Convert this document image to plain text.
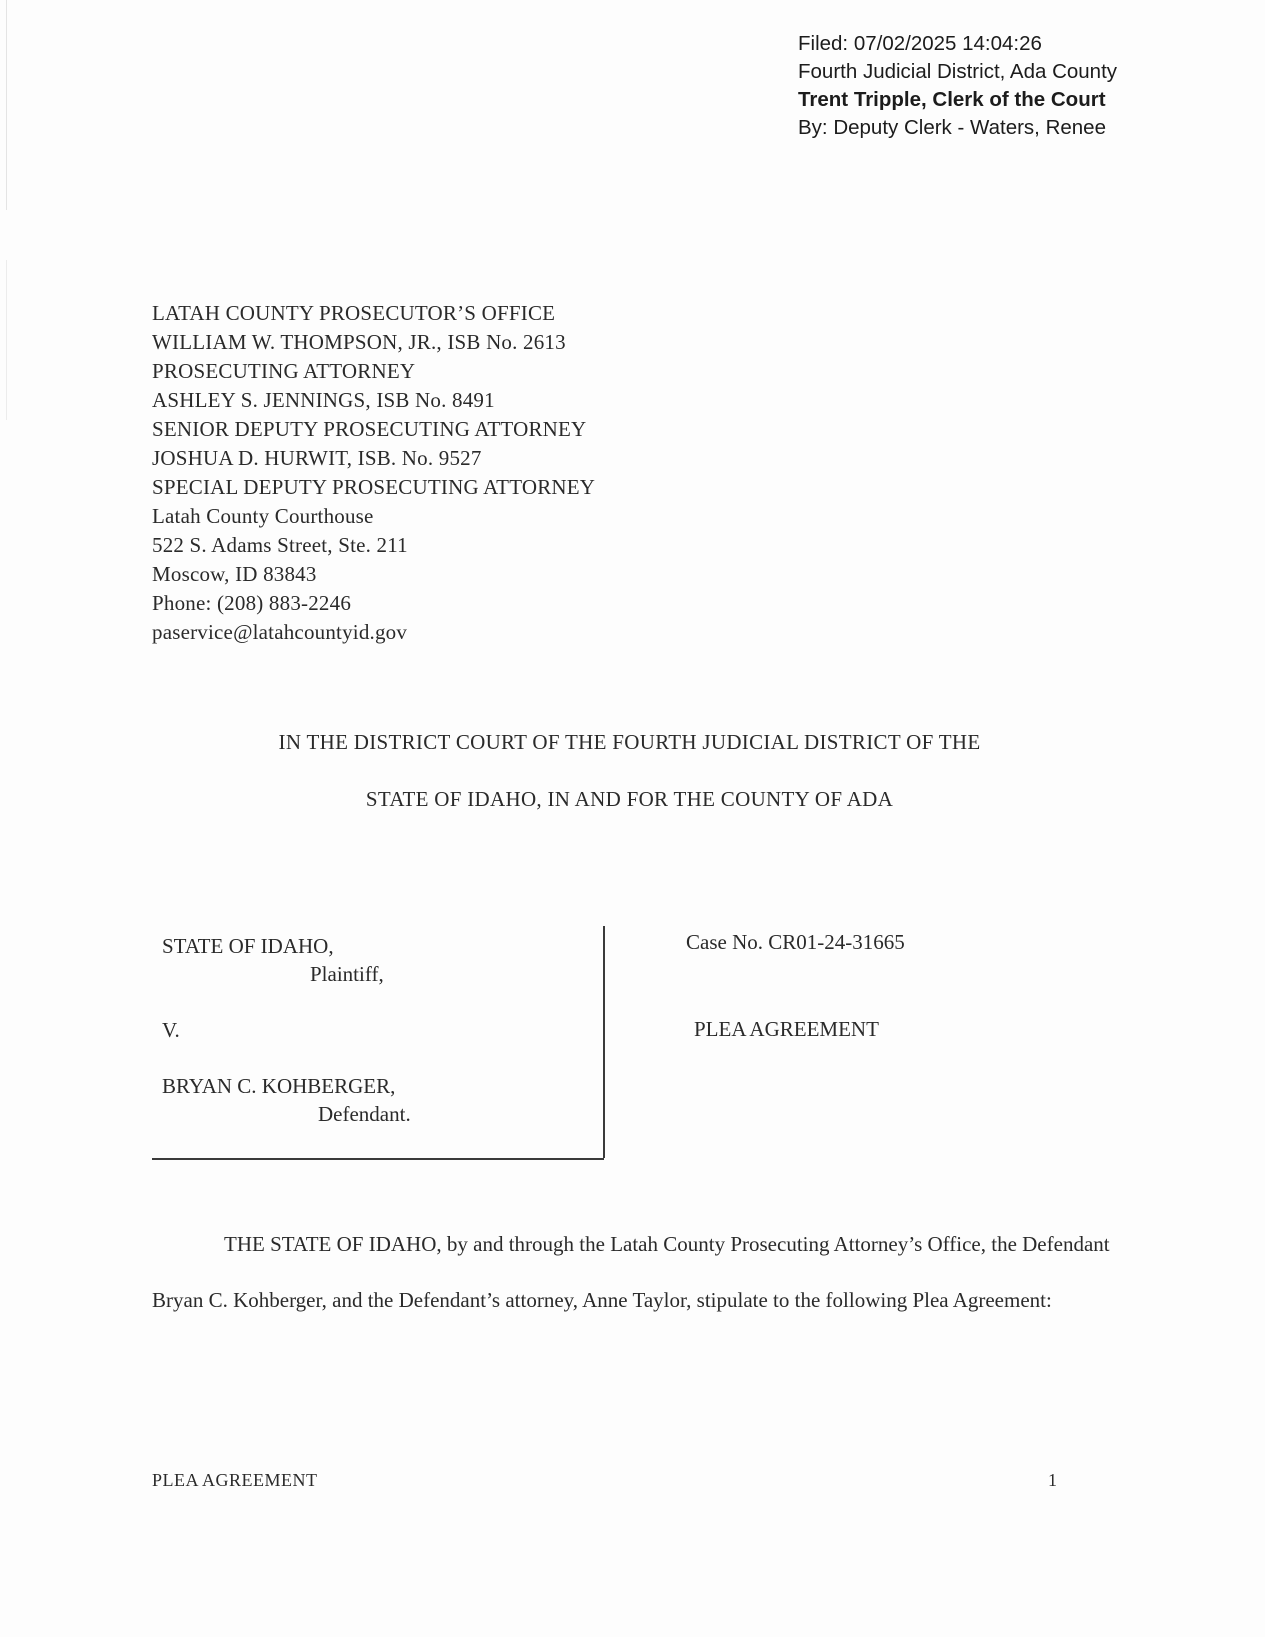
Filed: 07/02/2025 14:04:26
Fourth Judicial District, Ada County
Trent Tripple, Clerk of the Court
By: Deputy Clerk - Waters, Renee
LATAH COUNTY PROSECUTOR’S OFFICE
WILLIAM W. THOMPSON, JR., ISB No. 2613
PROSECUTING ATTORNEY
ASHLEY S. JENNINGS, ISB No. 8491
SENIOR DEPUTY PROSECUTING ATTORNEY
JOSHUA D. HURWIT, ISB. No. 9527
SPECIAL DEPUTY PROSECUTING ATTORNEY
Latah County Courthouse
522 S. Adams Street, Ste. 211
Moscow, ID 83843
Phone: (208) 883-2246
paservice@latahcountyid.gov
IN THE DISTRICT COURT OF THE FOURTH JUDICIAL DISTRICT OF THE
STATE OF IDAHO, IN AND FOR THE COUNTY OF ADA
STATE OF IDAHO,
Plaintiff,
V.
BRYAN C. KOHBERGER,
Defendant.
Case No. CR01-24-31665
PLEA AGREEMENT

THE STATE OF IDAHO, by and through the Latah County Prosecuting Attorney’s Office, the Defendant Bryan C. Kohberger, and the Defendant’s attorney, Anne Taylor, stipulate to the following Plea Agreement:

PLEA AGREEMENT	1
